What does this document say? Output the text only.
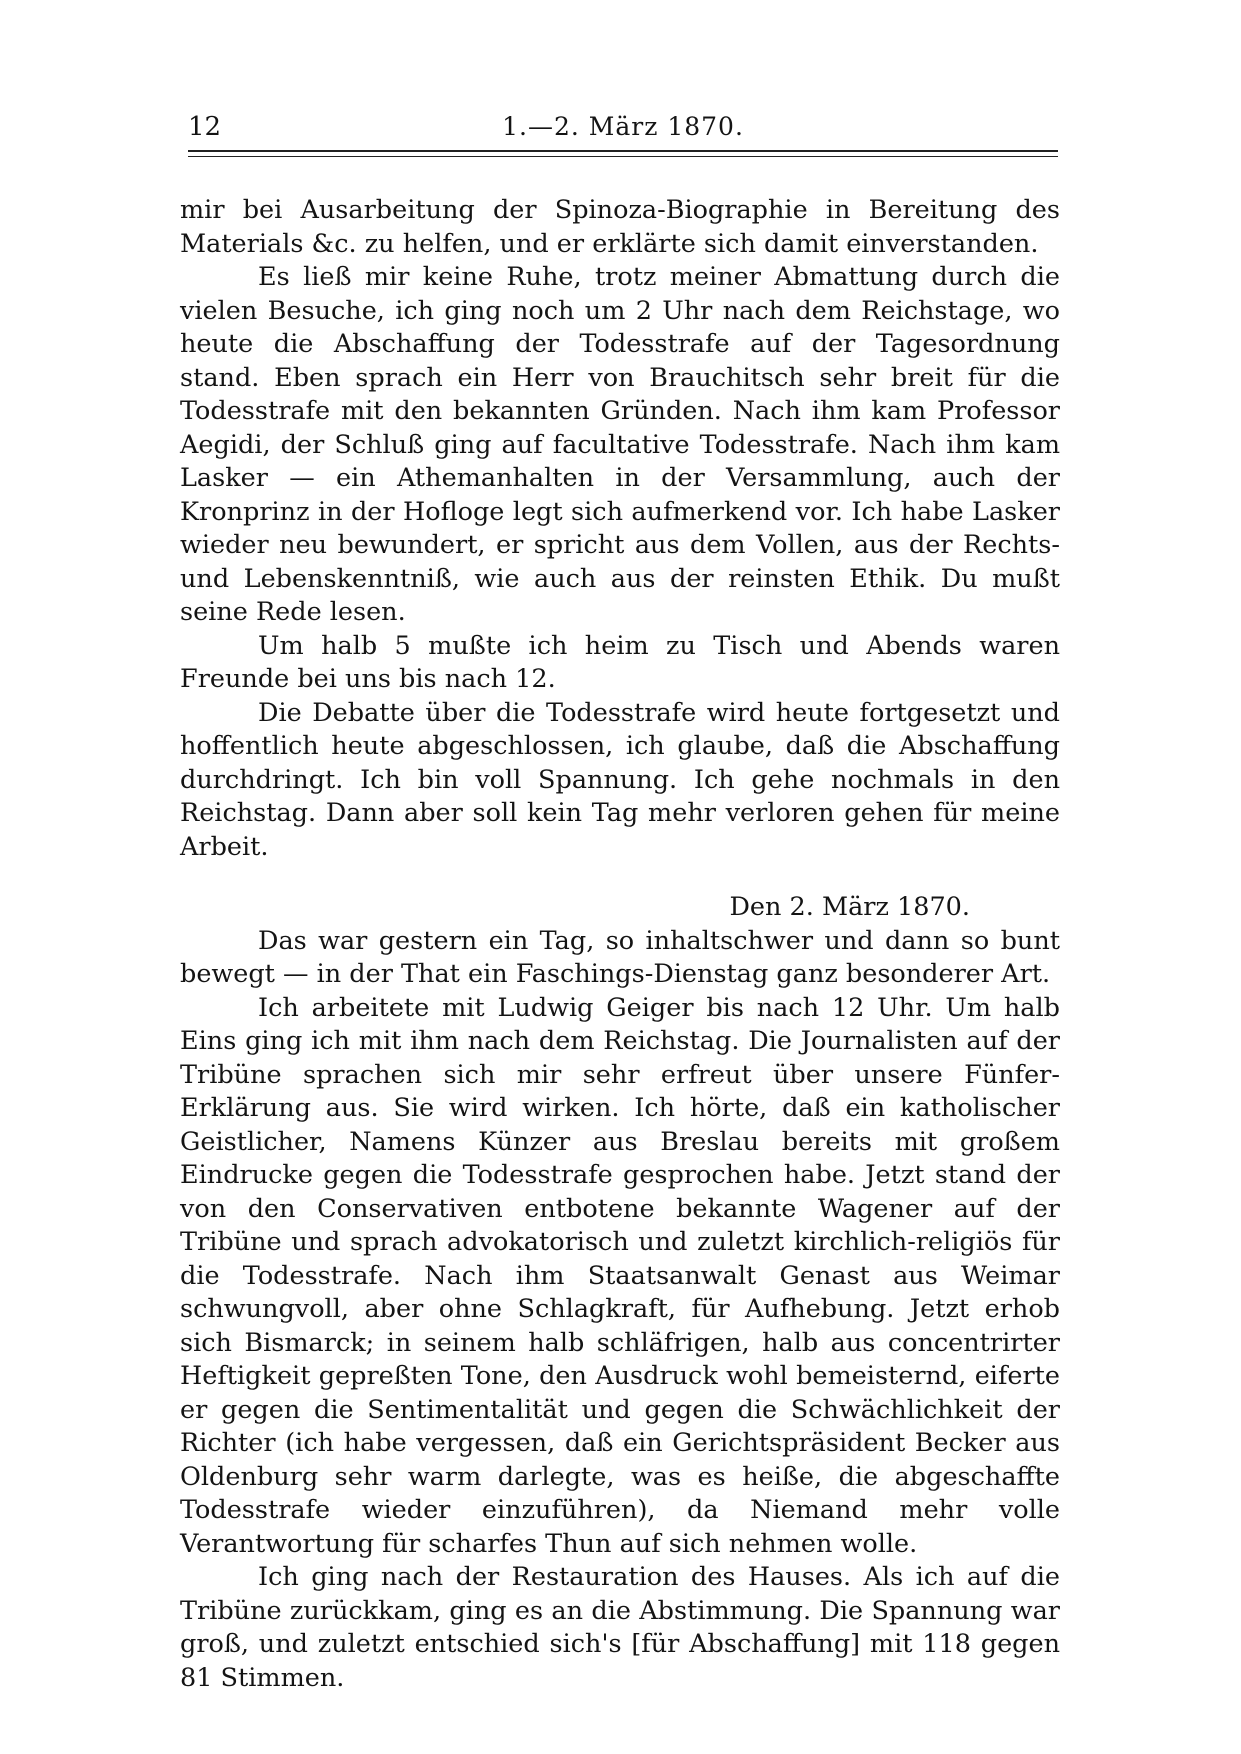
12	1.—2. März 1870.

mir bei Ausarbeitung der Spinoza-Biographie in Bereitung des Materials &c. zu helfen, und er erklärte sich damit einverstanden.

Es ließ mir keine Ruhe, trotz meiner Abmattung durch die vielen Besuche, ich ging noch um 2 Uhr nach dem Reichstage, wo heute die Abschaffung der Todesstrafe auf der Tagesordnung stand. Eben sprach ein Herr von Brauchitsch sehr breit für die Todesstrafe mit den bekannten Gründen. Nach ihm kam Professor Aegidi, der Schluß ging auf facultative Todesstrafe. Nach ihm kam Lasker — ein Athemanhalten in der Versammlung, auch der Kronprinz in der Hofloge legt sich aufmerkend vor. Ich habe Lasker wieder neu bewundert, er spricht aus dem Vollen, aus der Rechts- und Lebenskenntniß, wie auch aus der reinsten Ethik. Du mußt seine Rede lesen.

Um halb 5 mußte ich heim zu Tisch und Abends waren Freunde bei uns bis nach 12.

Die Debatte über die Todesstrafe wird heute fortgesetzt und hoffentlich heute abgeschlossen, ich glaube, daß die Abschaffung durchdringt. Ich bin voll Spannung. Ich gehe nochmals in den Reichstag. Dann aber soll kein Tag mehr verloren gehen für meine Arbeit.

Den 2. März 1870.

Das war gestern ein Tag, so inhaltschwer und dann so bunt bewegt — in der That ein Faschings-Dienstag ganz besonderer Art.

Ich arbeitete mit Ludwig Geiger bis nach 12 Uhr. Um halb Eins ging ich mit ihm nach dem Reichstag. Die Journalisten auf der Tribüne sprachen sich mir sehr erfreut über unsere Fünfer-Erklärung aus. Sie wird wirken. Ich hörte, daß ein katholischer Geistlicher, Namens Künzer aus Breslau bereits mit großem Eindrucke gegen die Todesstrafe gesprochen habe. Jetzt stand der von den Conservativen entbotene bekannte Wagener auf der Tribüne und sprach advokatorisch und zuletzt kirchlich-religiös für die Todesstrafe. Nach ihm Staatsanwalt Genast aus Weimar schwungvoll, aber ohne Schlagkraft, für Aufhebung. Jetzt erhob sich Bismarck; in seinem halb schläfrigen, halb aus concentrirter Heftigkeit gepreßten Tone, den Ausdruck wohl bemeisternd, eiferte er gegen die Sentimentalität und gegen die Schwächlichkeit der Richter (ich habe vergessen, daß ein Gerichtspräsident Becker aus Oldenburg sehr warm darlegte, was es heiße, die abgeschaffte Todesstrafe wieder einzuführen), da Niemand mehr volle Verantwortung für scharfes Thun auf sich nehmen wolle.

Ich ging nach der Restauration des Hauses. Als ich auf die Tribüne zurückkam, ging es an die Abstimmung. Die Spannung war groß, und zuletzt entschied sich's [für Abschaffung] mit 118 gegen 81 Stimmen.
